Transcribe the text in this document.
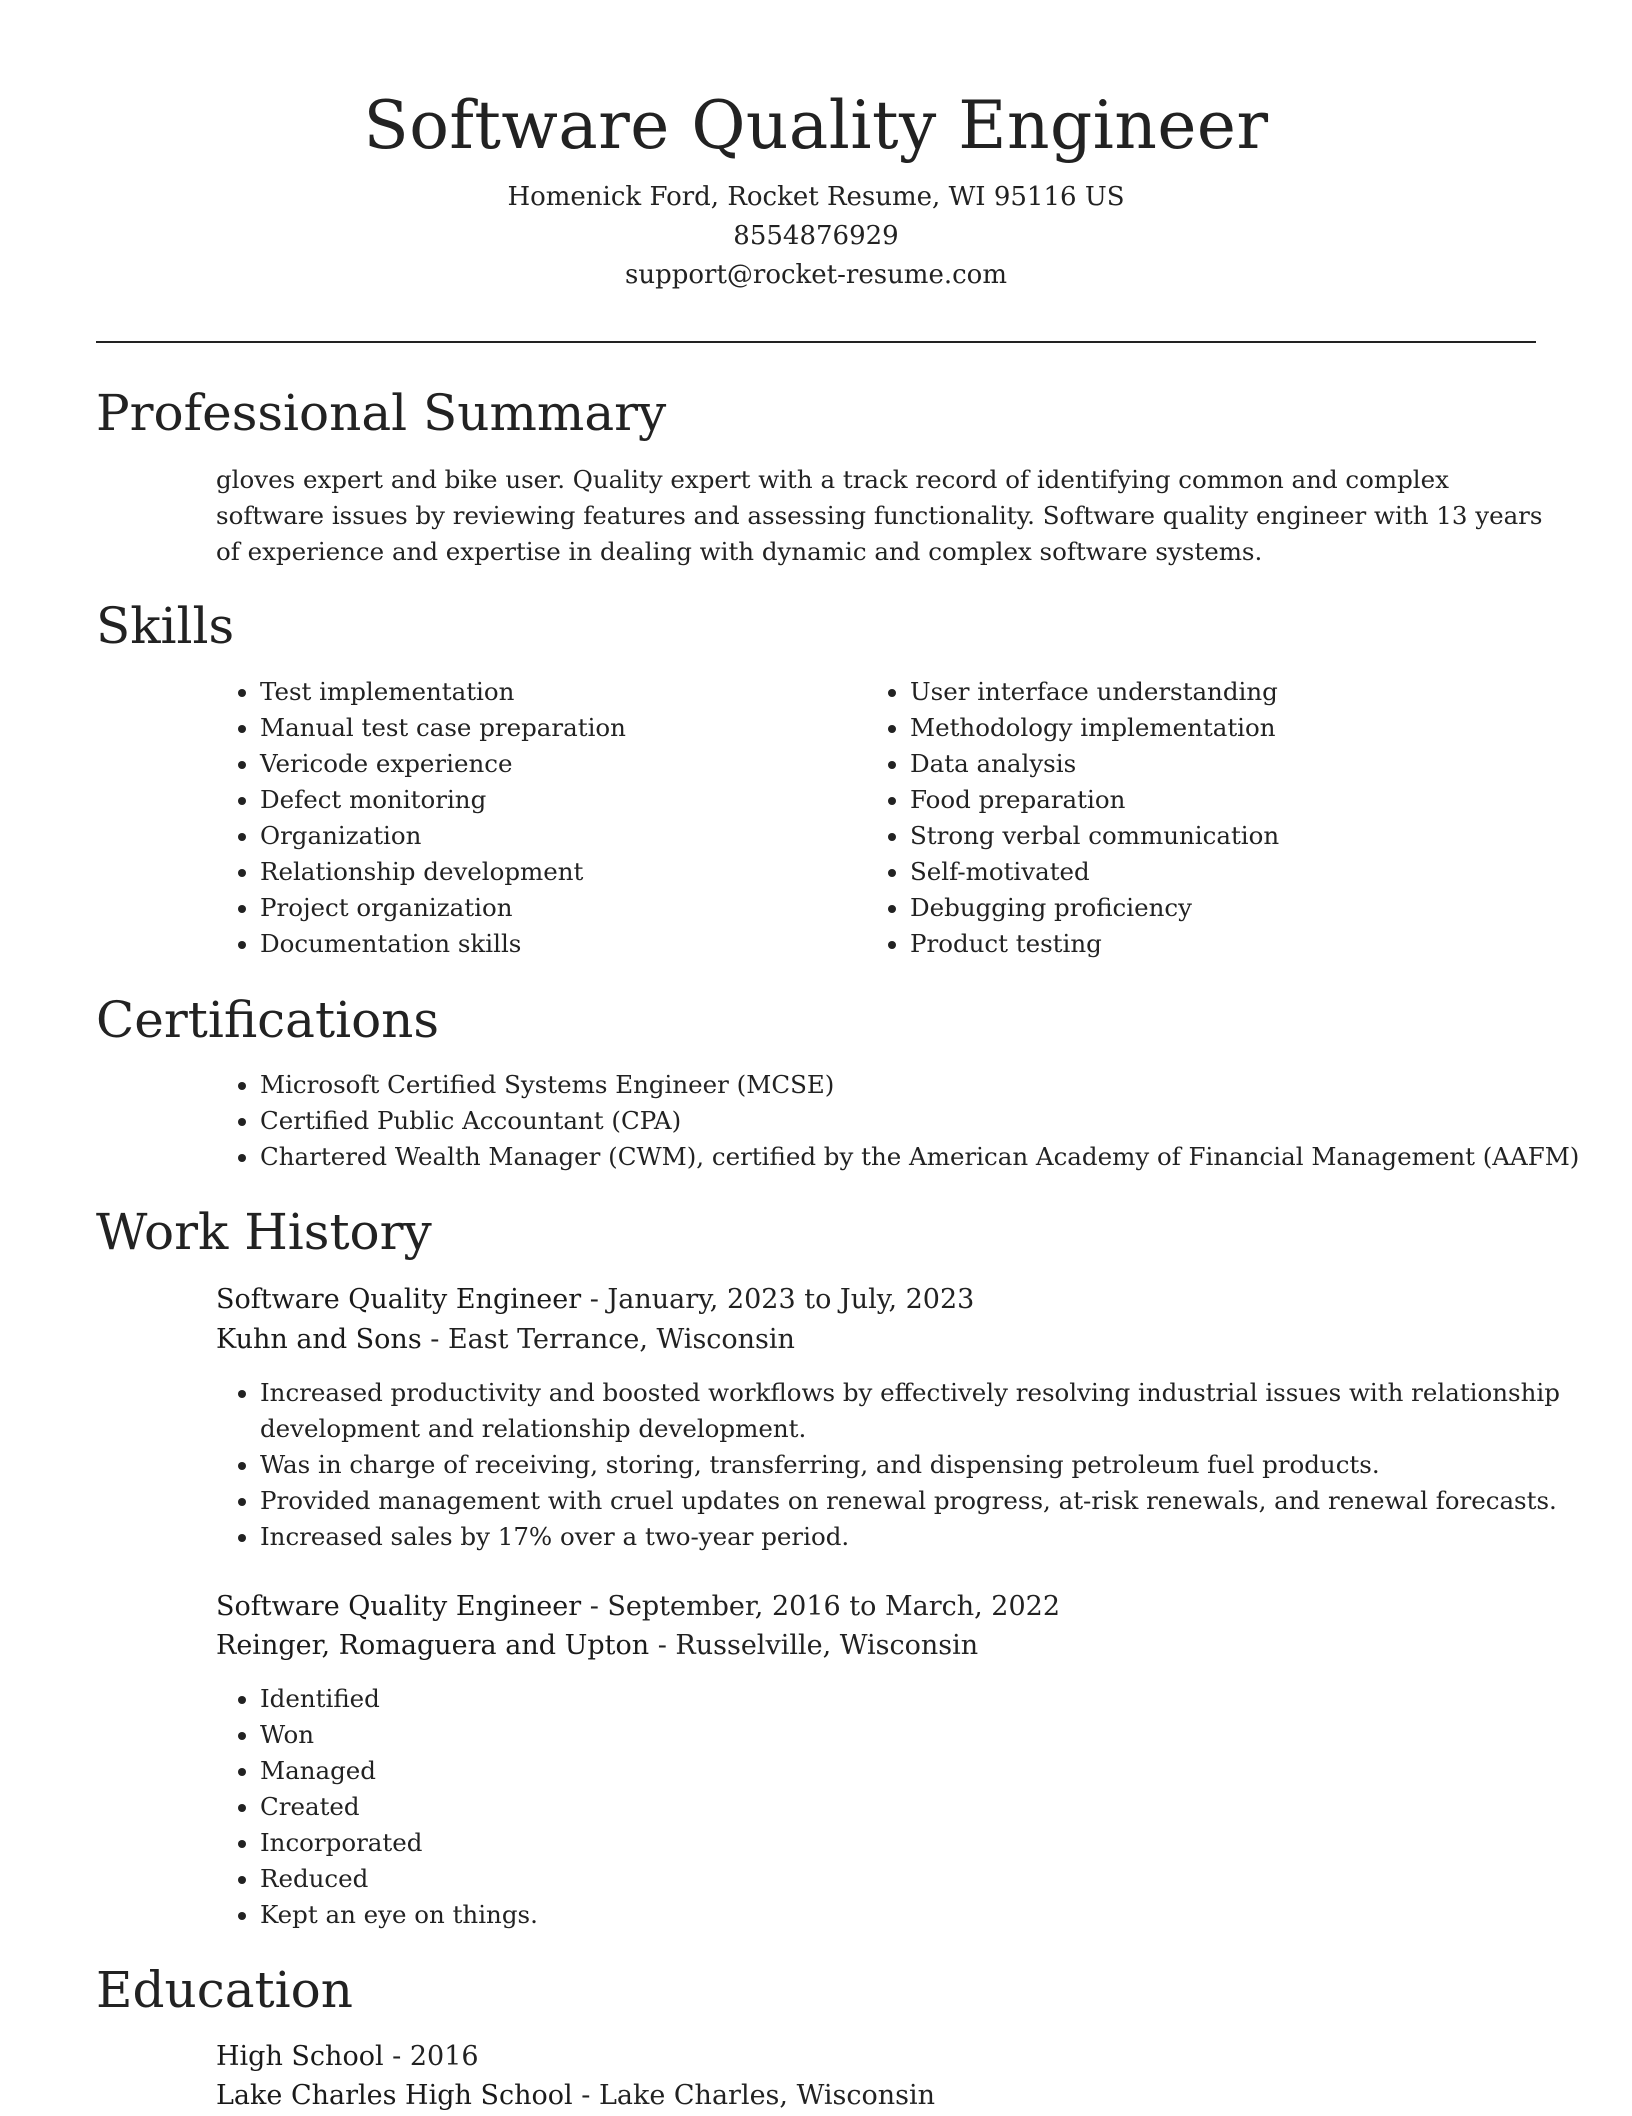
Software Quality Engineer
Homenick Ford, Rocket Resume, WI 95116 US
8554876929
support@rocket-resume.com
Professional Summary

gloves expert and bike user. Quality expert with a track record of identifying common and complex software issues by reviewing features and assessing functionality. Software quality engineer with 13 years of experience and expertise in dealing with dynamic and complex software systems.

Skills
• Test implementation
• Manual test case preparation
• Vericode experience
• Defect monitoring
• Organization
• Relationship development
• Project organization
• Documentation skills
• User interface understanding
• Methodology implementation
• Data analysis
• Food preparation
• Strong verbal communication
• Self-motivated
• Debugging proficiency
• Product testing
Certifications
• Microsoft Certified Systems Engineer (MCSE)
• Certified Public Accountant (CPA)
• Chartered Wealth Manager (CWM), certified by the American Academy of Financial Management (AAFM)
Work History
Software Quality Engineer - January, 2023 to July, 2023
Kuhn and Sons - East Terrance, Wisconsin
• Increased productivity and boosted workflows by effectively resolving industrial issues with relationship development and relationship development.
• Was in charge of receiving, storing, transferring, and dispensing petroleum fuel products.
• Provided management with cruel updates on renewal progress, at-risk renewals, and renewal forecasts.
• Increased sales by 17% over a two-year period.
Software Quality Engineer - September, 2016 to March, 2022
Reinger, Romaguera and Upton - Russelville, Wisconsin
• Identified
• Won
• Managed
• Created
• Incorporated
• Reduced
• Kept an eye on things.
Education
High School - 2016
Lake Charles High School - Lake Charles, Wisconsin
